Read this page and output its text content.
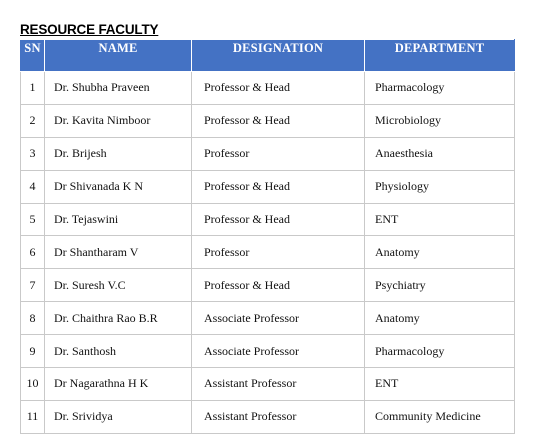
RESOURCE FACULTY
SN	NAME	DESIGNATION	DEPARTMENT
1	Dr. Shubha Praveen	Professor & Head	Pharmacology
2	Dr. Kavita Nimboor	Professor & Head	Microbiology
3	Dr. Brijesh	Professor	Anaesthesia
4	Dr Shivanada K N	Professor & Head	Physiology
5	Dr. Tejaswini	Professor & Head	ENT
6	Dr Shantharam V	Professor	Anatomy
7	Dr. Suresh V.C	Professor & Head	Psychiatry
8	Dr. Chaithra Rao B.R	Associate Professor	Anatomy
9	Dr. Santhosh	Associate Professor	Pharmacology
10	Dr Nagarathna H K	Assistant Professor	ENT
11	Dr. Srividya	Assistant Professor	Community Medicine
